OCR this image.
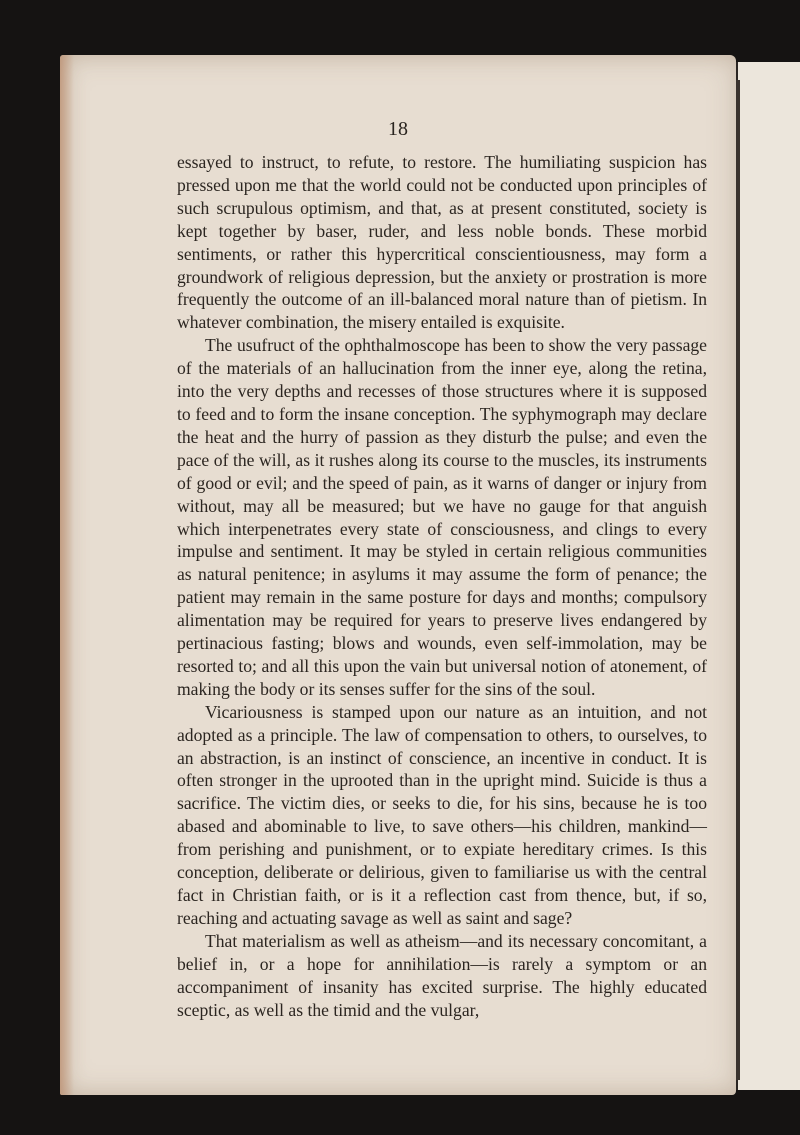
18

essayed to instruct, to refute, to restore. The humiliating suspicion has pressed upon me that the world could not be conducted upon principles of such scrupulous optimism, and that, as at present constituted, society is kept together by baser, ruder, and less noble bonds. These morbid sentiments, or rather this hypercritical conscientiousness, may form a groundwork of religious depression, but the anxiety or prostration is more frequently the outcome of an ill-balanced moral nature than of pietism. In whatever combination, the misery entailed is exquisite.

The usufruct of the ophthalmoscope has been to show the very passage of the materials of an hallucination from the inner eye, along the retina, into the very depths and recesses of those structures where it is supposed to feed and to form the insane conception. The syphymograph may declare the heat and the hurry of passion as they disturb the pulse; and even the pace of the will, as it rushes along its course to the muscles, its instruments of good or evil; and the speed of pain, as it warns of danger or injury from without, may all be measured; but we have no gauge for that anguish which interpenetrates every state of consciousness, and clings to every impulse and sentiment. It may be styled in certain religious communities as natural penitence; in asylums it may assume the form of penance; the patient may remain in the same posture for days and months; compulsory alimentation may be required for years to preserve lives endangered by pertinacious fasting; blows and wounds, even self-immolation, may be resorted to; and all this upon the vain but universal notion of atonement, of making the body or its senses suffer for the sins of the soul.

Vicariousness is stamped upon our nature as an intuition, and not adopted as a principle. The law of compensation to others, to ourselves, to an abstraction, is an instinct of conscience, an incentive in conduct. It is often stronger in the uprooted than in the upright mind. Suicide is thus a sacrifice. The victim dies, or seeks to die, for his sins, because he is too abased and abominable to live, to save others—his children, mankind—from perishing and punishment, or to expiate hereditary crimes. Is this conception, deliberate or delirious, given to familiarise us with the central fact in Christian faith, or is it a reflection cast from thence, but, if so, reaching and actuating savage as well as saint and sage?

That materialism as well as atheism—and its necessary concomitant, a belief in, or a hope for annihilation—is rarely a symptom or an accompaniment of insanity has excited surprise. The highly educated sceptic, as well as the timid and the vulgar,
